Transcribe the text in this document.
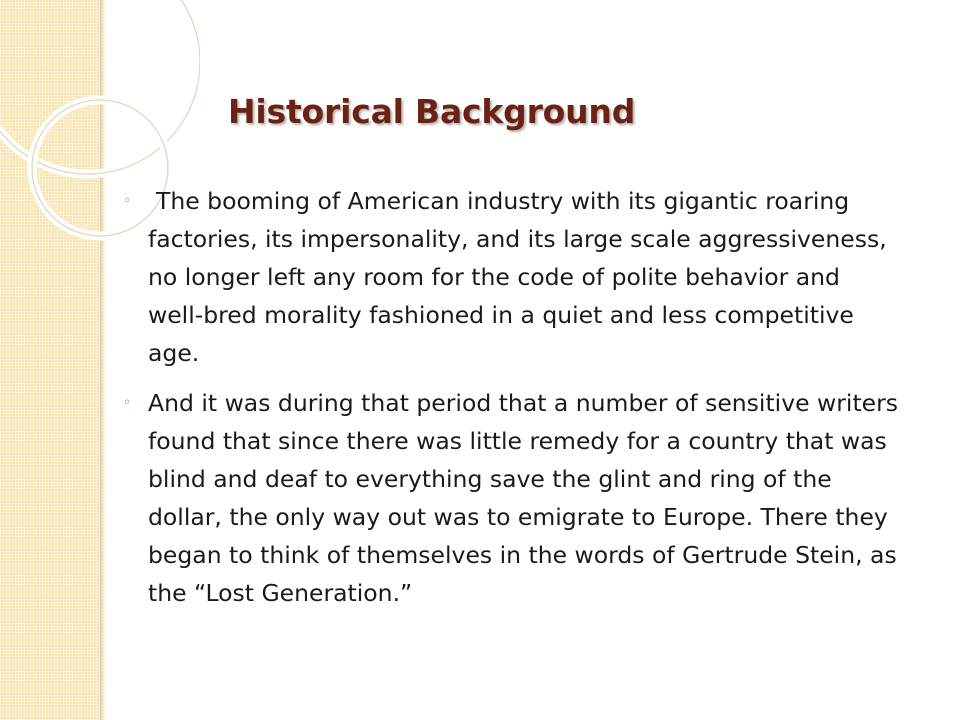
Historical Background
◦	The booming of American industry with its gigantic roaring factories, its impersonality, and its large scale aggressiveness, no longer left any room for the code of polite behavior and well-bred morality fashioned in a quiet and less competitive age.
◦ And it was during that period that a number of sensitive writers found that since there was little remedy for a country that was blind and deaf to everything save the glint and ring of the dollar, the only way out was to emigrate to Europe. There they began to think of themselves in the words of Gertrude Stein, as the “Lost Generation.”
